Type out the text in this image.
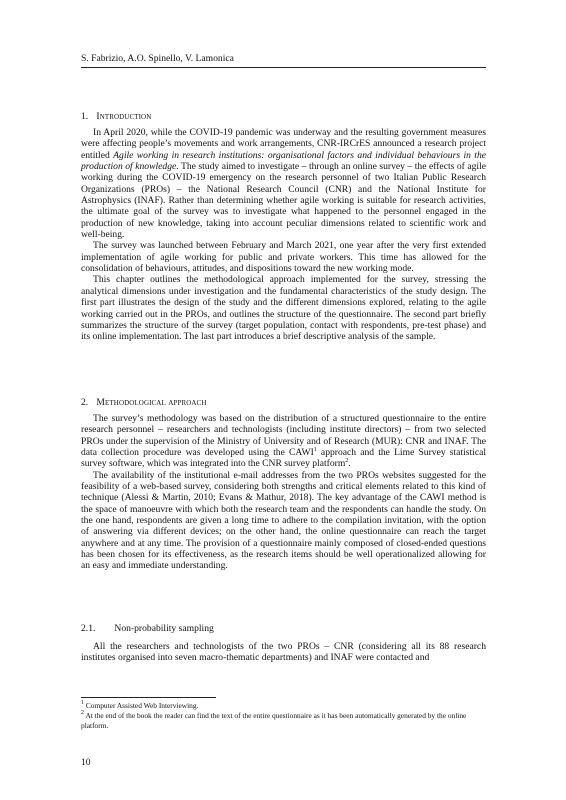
S. Fabrizio, A.O. Spinello, V. Lamonica
1. Introduction

In April 2020, while the COVID-19 pandemic was underway and the resulting government measures were affecting people’s movements and work arrangements, CNR-IRCrES announced a research project entitled Agile working in research institutions: organisational factors and individual behaviours in the production of knowledge. The study aimed to investigate – through an online survey – the effects of agile working during the COVID-19 emergency on the research personnel of two Italian Public Research Organizations (PROs) – the National Research Council (CNR) and the National Institute for Astrophysics (INAF). Rather than determining whether agile working is suitable for research activities, the ultimate goal of the survey was to investigate what happened to the personnel engaged in the production of new knowledge, taking into account peculiar dimensions related to scientific work and well-being.

The survey was launched between February and March 2021, one year after the very first extended implementation of agile working for public and private workers. This time has allowed for the consolidation of behaviours, attitudes, and dispositions toward the new working mode.

This chapter outlines the methodological approach implemented for the survey, stressing the analytical dimensions under investigation and the fundamental characteristics of the study design. The first part illustrates the design of the study and the different dimensions explored, relating to the agile working carried out in the PROs, and outlines the structure of the questionnaire. The second part briefly summarizes the structure of the survey (target population, contact with respondents, pre-test phase) and its online implementation. The last part introduces a brief descriptive analysis of the sample.

2. Methodological approach

The survey’s methodology was based on the distribution of a structured questionnaire to the entire research personnel – researchers and technologists (including institute directors) – from two selected PROs under the supervision of the Ministry of University and of Research (MUR): CNR and INAF. The data collection procedure was developed using the CAWI$^1$ approach and the Lime Survey statistical survey software, which was integrated into the CNR survey platform$^2$.

The availability of the institutional e-mail addresses from the two PROs websites suggested for the feasibility of a web-based survey, considering both strengths and critical elements related to this kind of technique (Alessi & Martin, 2010; Evans & Mathur, 2018). The key advantage of the CAWI method is the space of manoeuvre with which both the research team and the respondents can handle the study. On the one hand, respondents are given a long time to adhere to the compilation invitation, with the option of answering via different devices; on the other hand, the online questionnaire can reach the target anywhere and at any time. The provision of a questionnaire mainly composed of closed-ended questions has been chosen for its effectiveness, as the research items should be well operationalized allowing for an easy and immediate understanding.

2.1. Non-probability sampling

All the researchers and technologists of the two PROs – CNR (considering all its 88 research institutes organised into seven macro-thematic departments) and INAF were contacted and

$^1$ Computer Assisted Web Interviewing.

$^2$ At the end of the book the reader can find the text of the entire questionnaire as it has been automatically generated by the online platform.

10
